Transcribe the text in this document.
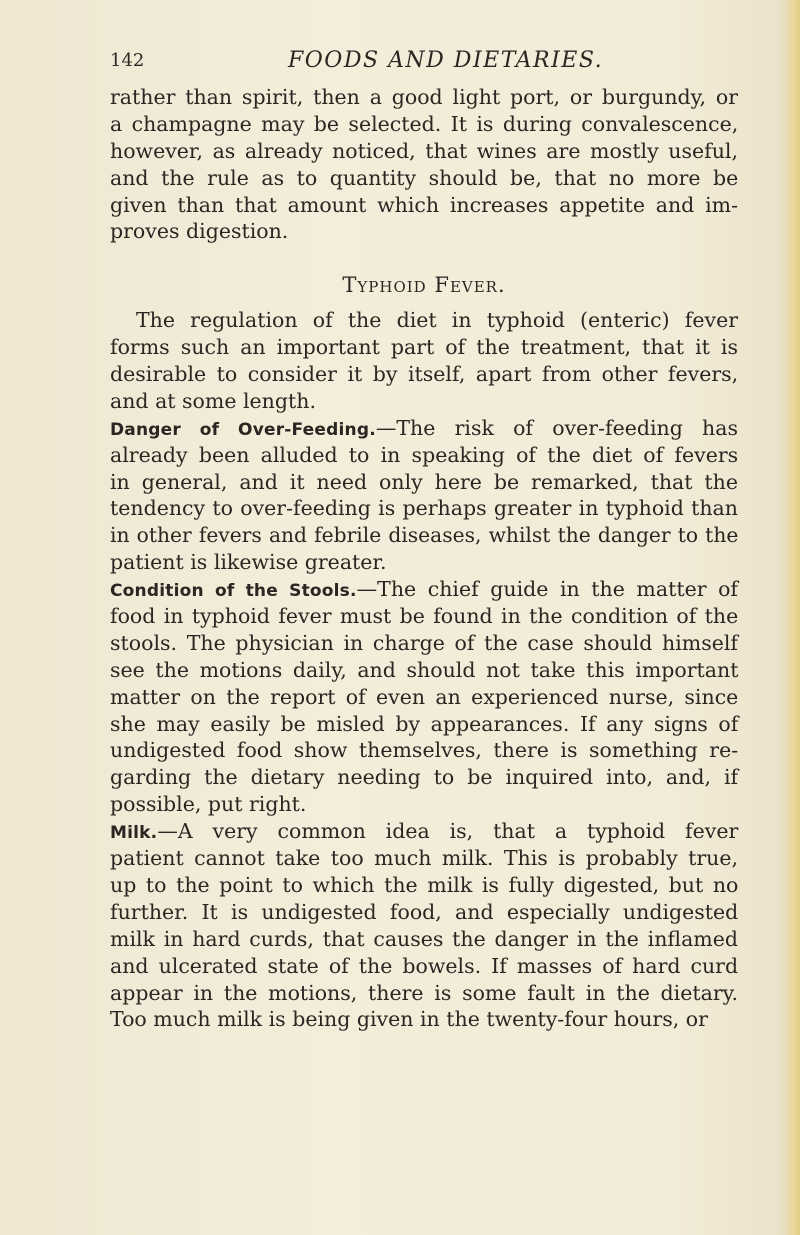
142	FOODS AND DIETARIES.
rather than spirit, then a good light port, or burgundy, or
a champagne may be selected. It is during convalescence,
however, as already noticed, that wines are mostly useful,
and the rule as to quantity should be, that no more be
given than that amount which increases appetite and im-
proves digestion.
Typhoid Fever.
The regulation of the diet in typhoid (enteric) fever
forms such an important part of the treatment, that it is
desirable to consider it by itself, apart from other fevers,
and at some length.
Danger of Over-Feeding.—The risk of over-feeding has
already been alluded to in speaking of the diet of fevers
in general, and it need only here be remarked, that the
tendency to over-feeding is perhaps greater in typhoid than
in other fevers and febrile diseases, whilst the danger to the
patient is likewise greater.
Condition of the Stools.—The chief guide in the matter of
food in typhoid fever must be found in the condition of the
stools. The physician in charge of the case should himself
see the motions daily, and should not take this important
matter on the report of even an experienced nurse, since
she may easily be misled by appearances. If any signs of
undigested food show themselves, there is something re-
garding the dietary needing to be inquired into, and, if
possible, put right.
Milk.—A very common idea is, that a typhoid fever
patient cannot take too much milk. This is probably true,
up to the point to which the milk is fully digested, but no
further. It is undigested food, and especially undigested
milk in hard curds, that causes the danger in the inflamed
and ulcerated state of the bowels. If masses of hard curd
appear in the motions, there is some fault in the dietary.
Too much milk is being given in the twenty-four hours, or
